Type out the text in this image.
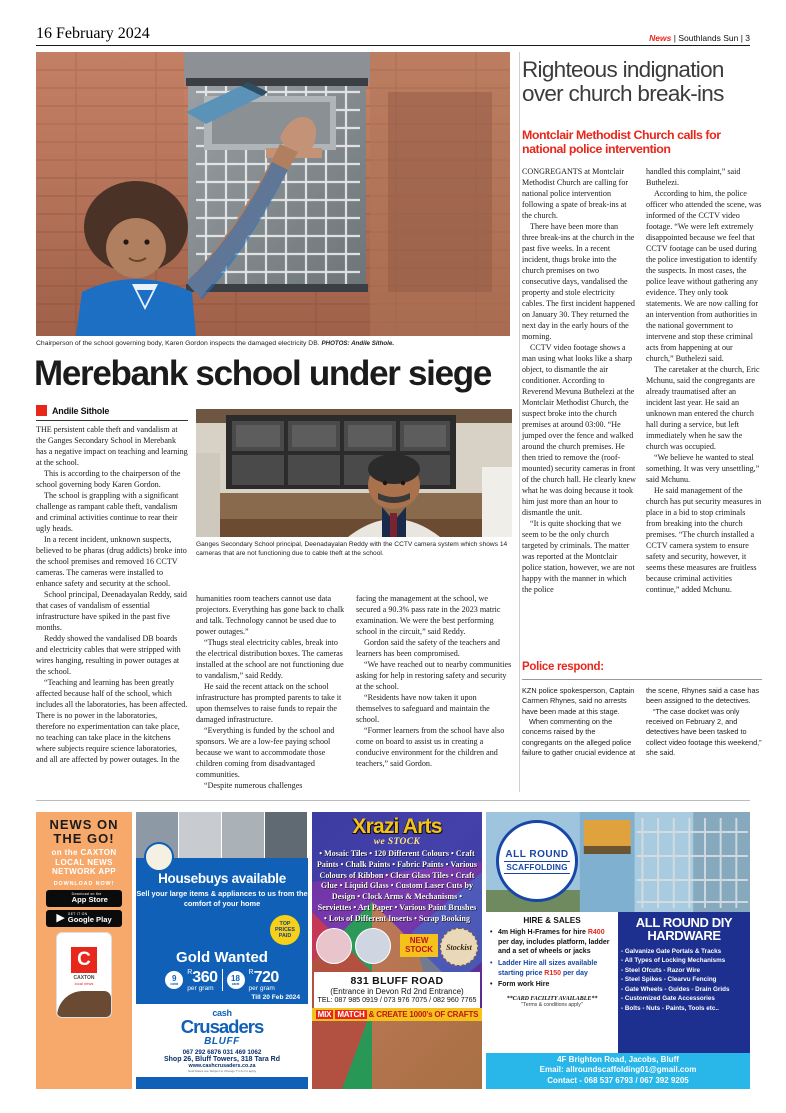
16 February 2024	News | Southlands Sun | 3
Chairperson of the school governing body, Karen Gordon inspects the damaged electricity DB. PHOTOS: Andile Sithole.
Merebank school under siege
Andile Sithole
Ganges Secondary School principal, Deenadayalan Reddy with the CCTV camera system which shows 14 cameras that are not functioning due to cable theft at the school.

THE persistent cable theft and vandalism at the Ganges Secondary School in Merebank has a negative impact on teaching and learning at the school.

This is according to the chairperson of the school governing body Karen Gordon.

The school is grappling with a significant challenge as rampant cable theft, vandalism and criminal activities continue to rear their ugly heads.

In a recent incident, unknown suspects, believed to be pharas (drug addicts) broke into the school premises and removed 16 CCTV cameras. The cameras were installed to enhance safety and security at the school.

School principal, Deenadayalan Reddy, said that cases of vandalism of essential infrastructure have spiked in the past five months.

Reddy showed the vandalised DB boards and electricity cables that were stripped with wires hanging, resulting in power outages at the school.

“Teaching and learning has been greatly affected because half of the school, which includes all the laboratories, has been affected. There is no power in the laboratories, therefore no experimentation can take place, no teaching can take place in the kitchens where subjects require science laboratories, and all are affected by power outages. In the

humanities room teachers cannot use data projectors. Everything has gone back to chalk and talk. Technology cannot be used due to power outages.”

“Thugs steal electricity cables, break into the electrical distribution boxes. The cameras installed at the school are not functioning due to vandalism,” said Reddy.

He said the recent attack on the school infrastructure has prompted parents to take it upon themselves to raise funds to repair the damaged infrastructure.

“Everything is funded by the school and sponsors. We are a low-fee paying school because we want to accommodate those children coming from disadvantaged communities.

“Despite numerous challenges

facing the management at the school, we secured a 90.3% pass rate in the 2023 matric examination. We were the best performing school in the circuit,” said Reddy.

Gordon said the safety of the teachers and learners has been compromised.

“We have reached out to nearby communities asking for help in restoring safety and security at the school.

“Residents have now taken it upon themselves to safeguard and maintain the school.

“Former learners from the school have also come on board to assist us in creating a conducive environment for the children and teachers,” said Gordon.

Righteous indignation over church break-ins
Montclair Methodist Church calls for national police intervention

CONGREGANTS at Montclair Methodist Church are calling for national police intervention following a spate of break-ins at the church.

There have been more than three break-ins at the church in the past five weeks. In a recent incident, thugs broke into the church premises on two consecutive days, vandalised the property and stole electricity cables. The first incident happened on January 30. They returned the next day in the early hours of the morning.

CCTV video footage shows a man using what looks like a sharp object, to dismantle the air conditioner. According to Reverend Mevuna Buthelezi at the Montclair Methodist Church, the suspect broke into the church premises at around 03:00. “He jumped over the fence and walked around the church premises. He then tried to remove the (roof-mounted) security cameras in front of the church hall. He clearly knew what he was doing because it took him just more than an hour to dismantle the unit.

“It is quite shocking that we seem to be the only church targeted by criminals. The matter was reported at the Montclair police station, however, we are not happy with the manner in which the police

handled this complaint,” said Buthelezi.

According to him, the police officer who attended the scene, was informed of the CCTV video footage. “We were left extremely disappointed because we feel that CCTV footage can be used during the police investigation to identify the suspects. In most cases, the police leave without gathering any evidence. They only took statements. We are now calling for an intervention from authorities in the national government to intervene and stop these criminal acts from happening at our church,” Buthelezi said.

The caretaker at the church, Eric Mchunu, said the congregants are already traumatised after an incident last year. He said an unknown man entered the church hall during a service, but left immediately when he saw the church was occupied.

“We believe he wanted to steal something. It was very unsettling,” said Mchunu.

He said management of the church has put security measures in place in a bid to stop criminals from breaking into the church premises. “The church installed a CCTV camera system to ensure safety and security, however, it seems these measures are fruitless because criminal activities continue,” added Mchunu.

Police respond:

KZN police spokesperson, Captain Carmen Rhynes, said no arrests have been made at this stage.

When commenting on the concerns raised by the congregants on the alleged police failure to gather crucial evidence at

the scene, Rhynes said a case has been assigned to the detectives.

“The case docket was only received on February 2, and detectives have been tasked to collect video footage this weekend,” she said.

NEWS ON THE GO!
on the CAXTON LOCAL NEWS NETWORK APP
DOWNLOAD NOW!
Download on the
App Store
▶ GET IT ON
Google Play
C
CAXTON
local news
Housebuys available
Sell your large items & appliances to us from the comfort of your home
TOP
PRICES
PAID
Gold Wanted
9
carat
$^R$360
per gram
18
carat
$^R$720
per gram
Till 20 Feb 2024
cash
Crusaders
BLUFF
067 292 6876 031 469 1062
Shop 26, Bluff Towers, 318 Tara Rd
www.cashcrusaders.co.za
Gold Rates are Subject to Change T's & C's apply
Xrazi Arts
we STOCK
• Mosaic Tiles • 120 Different Colours • Craft Paints • Chalk Paints • Fabric Paints • Various Colours of Ribbon • Clear Glass Tiles • Craft Glue • Liquid Glass • Custom Laser Cuts by Design • Clock Arms & Mechanisms • Serviettes • Art Paper • Various Paint Brushes • Lots of Different Inserts • Scrap Booking
NEW
STOCK	Stockist
831 BLUFF ROAD
(Entrance in Devon Rd 2nd Entrance)
TEL: 087 985 0919 / 073 976 7075 / 082 960 7765
MIX MATCH & CREATE 1000's OF CRAFTS
ALL ROUND
SCAFFOLDING
HIRE & SALES
• 4m High H-Frames for hire R400 per day, includes platform, ladder and a set of wheels or jacks
• Ladder Hire all sizes available starting price R150 per day
• Form work Hire
**CARD FACILITY AVAILABLE**
"Terms & conditions apply"
ALL ROUND DIY HARDWARE
- Galvanize Gate Portals & Tracks
- All Types of Locking Mechanisms
- Steel Ofcuts - Razor Wire
- Steel Spikes - Clearvu Fencing
- Gate Wheels - Guides - Drain Grids
- Customized Gate Accessories
- Bolts - Nuts - Paints, Tools etc..
4F Brighton Road, Jacobs, Bluff
Email: allroundscaffolding01@gmail.com
Contact - 068 537 6793 / 067 392 9205
